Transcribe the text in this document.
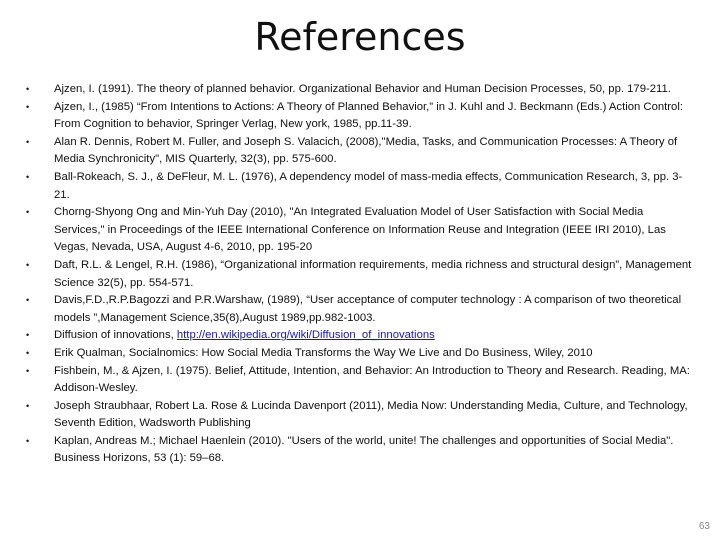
References
•	Ajzen, I. (1991). The theory of planned behavior. Organizational Behavior and Human Decision Processes, 50, pp. 179-211.
•	Ajzen, I., (1985) “From Intentions to Actions: A Theory of Planned Behavior,” in J. Kuhl and J. Beckmann (Eds.) Action Control: From Cognition to behavior, Springer Verlag, New york, 1985, pp.11-39.
•	Alan R. Dennis, Robert M. Fuller, and Joseph S. Valacich, (2008),"Media, Tasks, and Communication Processes: A Theory of Media Synchronicity", MIS Quarterly, 32(3), pp. 575-600.
•	Ball-Rokeach, S. J., & DeFleur, M. L. (1976), A dependency model of mass-media effects, Communication Research, 3, pp. 3-21.
•	Chorng-Shyong Ong and Min-Yuh Day (2010), "An Integrated Evaluation Model of User Satisfaction with Social Media Services," in Proceedings of the IEEE International Conference on Information Reuse and Integration (IEEE IRI 2010), Las Vegas, Nevada, USA, August 4-6, 2010, pp. 195-20
•	Daft, R.L. & Lengel, R.H. (1986), “Organizational information requirements, media richness and structural design”, Management Science 32(5), pp. 554-571.
•	Davis,F.D.,R.P.Bagozzi and P.R.Warshaw, (1989), “User acceptance of computer technology : A comparison of two theoretical models ”,Management Science,35(8),August 1989,pp.982-1003.
•	Diffusion of innovations, http://en.wikipedia.org/wiki/Diffusion_of_innovations
•	Erik Qualman, Socialnomics: How Social Media Transforms the Way We Live and Do Business, Wiley, 2010
•	Fishbein, M., & Ajzen, I. (1975). Belief, Attitude, Intention, and Behavior: An Introduction to Theory and Research. Reading, MA: Addison-Wesley.
•	Joseph Straubhaar, Robert La. Rose & Lucinda Davenport (2011), Media Now: Understanding Media, Culture, and Technology, Seventh Edition, Wadsworth Publishing
•	Kaplan, Andreas M.; Michael Haenlein (2010). "Users of the world, unite! The challenges and opportunities of Social Media". Business Horizons, 53 (1): 59–68.
63
